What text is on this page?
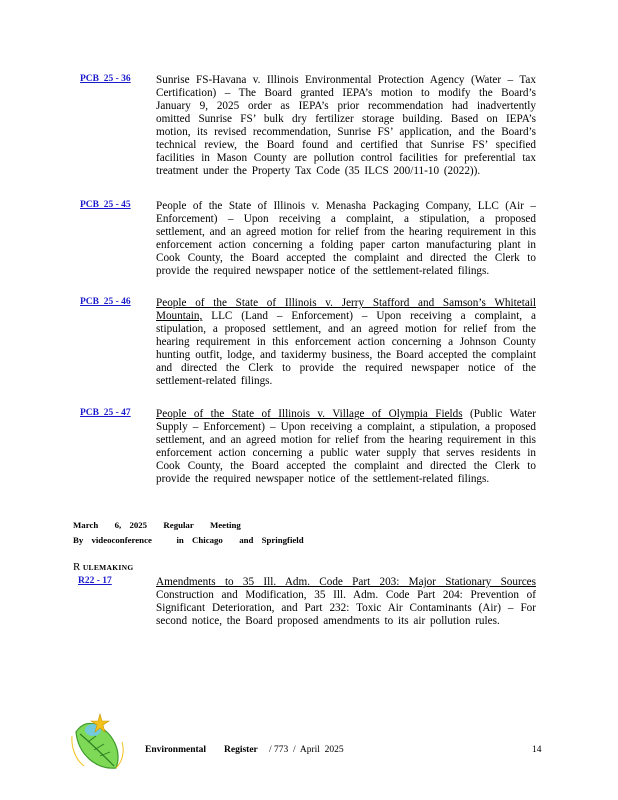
PCB  25 - 36	Sunrise FS-Havana v. Illinois Environmental Protection Agency (Water – Tax Certification) – The Board granted IEPA’s motion to modify the Board’s January 9, 2025 order as IEPA’s prior recommendation had inadvertently omitted Sunrise FS’ bulk dry fertilizer storage building. Based on IEPA’s motion, its revised recommendation, Sunrise FS’ application, and the Board’s technical review, the Board found and certified that Sunrise FS’ specified facilities in Mason County are pollution control facilities for preferential tax treatment under the Property Tax Code (35 ILCS 200/11-10 (2022)).
PCB  25 - 45	People of the State of Illinois v. Menasha Packaging Company, LLC (Air – Enforcement) – Upon receiving a complaint, a stipulation, a proposed settlement, and an agreed motion for relief from the hearing requirement in this enforcement action concerning a folding paper carton manufacturing plant in Cook County, the Board accepted the complaint and directed the Clerk to provide the required newspaper notice of the settlement-related filings.
PCB  25 - 46	People of the State of Illinois v. Jerry Stafford and Samson’s Whitetail Mountain, LLC (Land – Enforcement) – Upon receiving a complaint, a stipulation, a proposed settlement, and an agreed motion for relief from the hearing requirement in this enforcement action concerning a Johnson County hunting outfit, lodge, and taxidermy business, the Board accepted the complaint and directed the Clerk to provide the required newspaper notice of the settlement-related filings.
PCB  25 - 47	People of the State of Illinois v. Village of Olympia Fields (Public Water Supply – Enforcement) – Upon receiving a complaint, a stipulation, a proposed settlement, and an agreed motion for relief from the hearing requirement in this enforcement action concerning a public water supply that serves residents in Cook County, the Board accepted the complaint and directed the Clerk to provide the required newspaper notice of the settlement-related filings.
March  6, 2025  Regular  Meeting
By videoconference   in Chicago  and Springfield
R ULEMAKING
R22 - 17	Amendments to 35 Ill. Adm. Code Part 203: Major Stationary Sources Construction and Modification, 35 Ill. Adm. Code Part 204: Prevention of Significant Deterioration, and Part 232: Toxic Air Contaminants (Air) – For second notice, the Board proposed amendments to its air pollution rules.
Environmental Register / 773  /  April  2025	14
